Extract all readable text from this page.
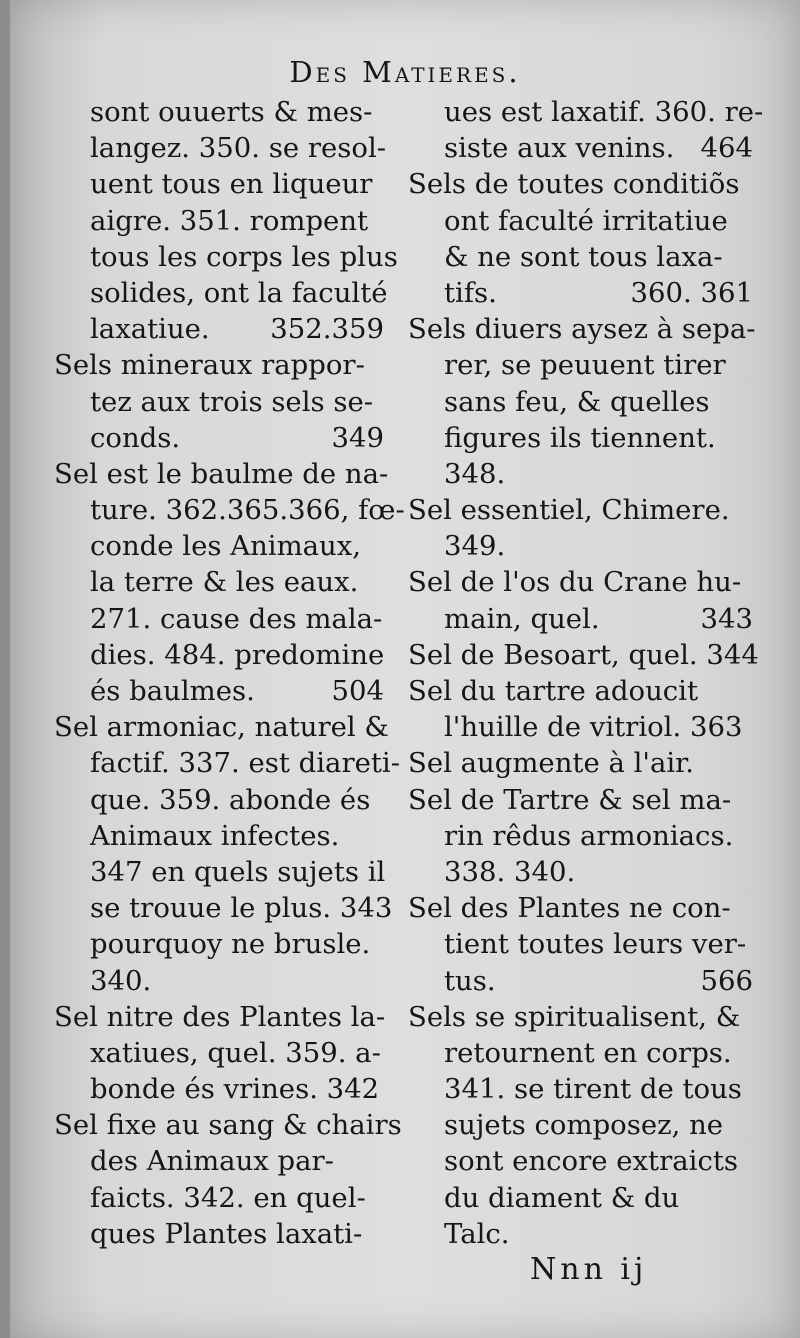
Des Matieres.
sont ouuerts & mes-
langez. 350. se resol-
uent tous en liqueur
aigre. 351. rompent
tous les corps les plus
solides, ont la faculté
laxatiue. 352.359
Sels mineraux rappor-
tez aux trois sels se-
conds.	349
Sel est le baulme de na-
ture. 362.365.366, fœ-
conde les Animaux,
la terre & les eaux.
271. cause des mala-
dies. 484. predomine
és baulmes.	504
Sel armoniac, naturel &
factif. 337. est diareti-
que. 359. abonde és
Animaux infectes.
347 en quels sujets il
se trouue le plus. 343
pourquoy ne brusle.
340.
Sel nitre des Plantes la-
xatiues, quel. 359. a-
bonde és vrines. 342
Sel fixe au sang & chairs
des Animaux par-
faicts. 342. en quel-
ques Plantes laxati-
ues est laxatif. 360. re-
siste aux venins. 464
Sels de toutes conditiõs
ont faculté irritatiue
& ne sont tous laxa-
tifs.	360. 361
Sels diuers aysez à sepa-
rer, se peuuent tirer
sans feu, & quelles
figures ils tiennent.
348.
Sel essentiel, Chimere.
349.
Sel de l'os du Crane hu-
main, quel.	343
Sel de Besoart, quel. 344
Sel du tartre adoucit
l'huille de vitriol. 363
Sel augmente à l'air.
Sel de Tartre & sel ma-
rin rêdus armoniacs.
338. 340.
Sel des Plantes ne con-
tient toutes leurs ver-
tus.	566
Sels se spiritualisent, &
retournent en corps.
341. se tirent de tous
sujets composez, ne
sont encore extraicts
du diament & du
Talc.
Nnn ij
